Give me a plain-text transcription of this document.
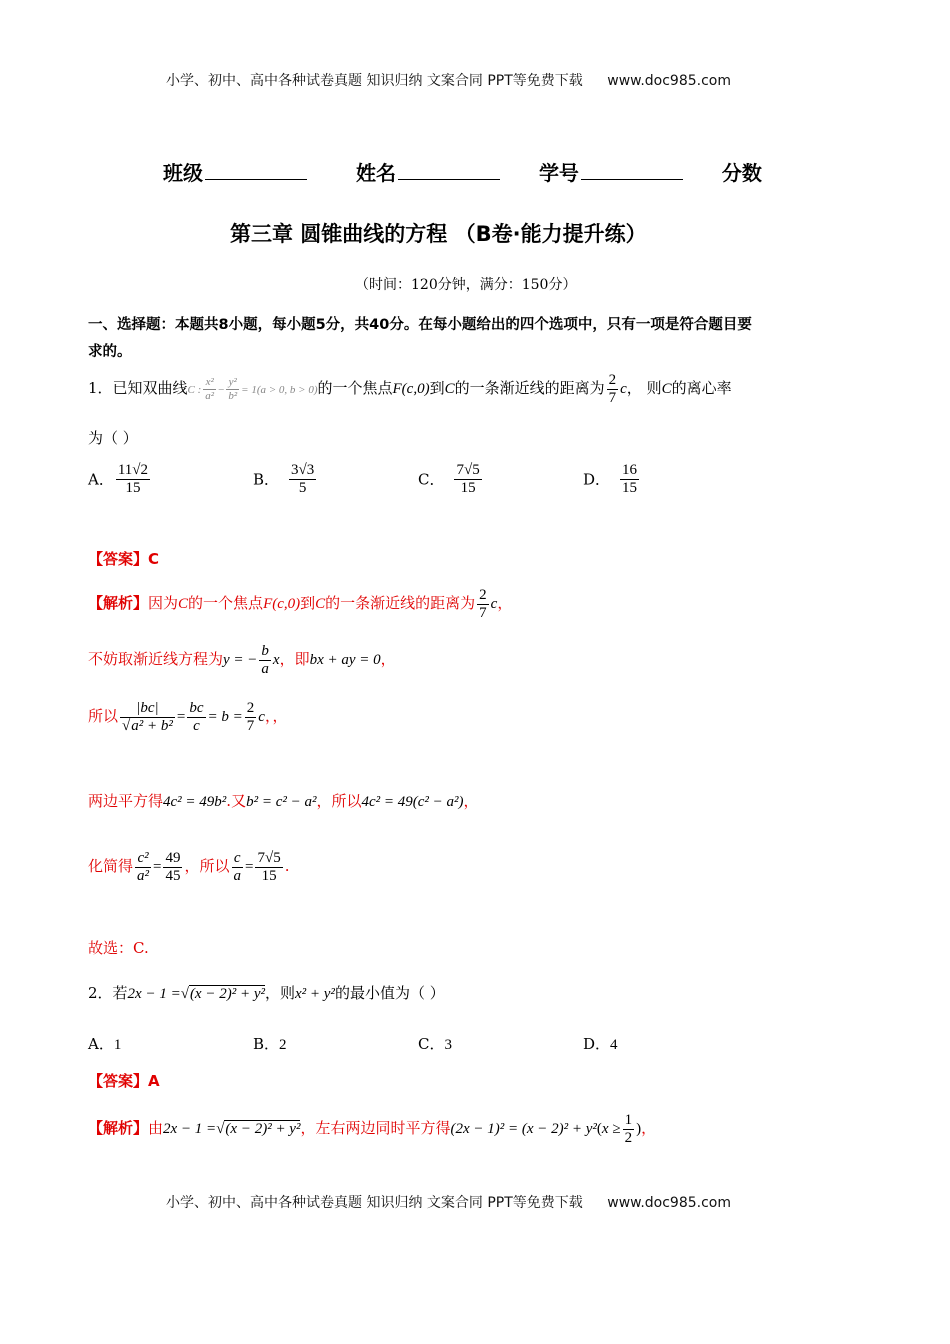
小学、初中、高中各种试卷真题 知识归纳 文案合同 PPT等免费下载 www.doc985.com
班级	姓名	学号	分数
第三章 圆锥曲线的方程 （B卷·能力提升练）
（时间：120分钟，满分：150分）
一、选择题：本题共8小题，每小题5分，共40分。在每小题给出的四个选项中，只有一项是符合题目要
求的。
1．已知双曲线C : $\frac{\text{x²}}{\text{a²}} - \frac{\text{y²}}{\text{b²}} = 1(a > 0$, b > 0)的一个焦点F(c,0)到C的一条渐近线的距离为 $\frac{2}{7}$ c， 则C的离心率
为（ ）
A． $\frac{11√2}{15}$	B． $\frac{3√3}{5}$	C． $\frac{7√5}{15}$	D． $\frac{16}{15}$
【答案】C
【解析】因为C的一个焦点F(c,0)到C的一条渐近线的距离为 $\frac{2}{7}$ c，
不妨取渐近线方程为y = − $\frac{b}{a}$ x，即bx + ay = 0，
所以 $\frac{|bc|}{\text{√a² + b²}} = \frac{bc}{c} = b = \frac{2}{7}$ c，，
两边平方得4c² = 49b².又b² = c² − a²，所以4c² = 49(c² − a²)，
化简得 $\frac{\text{c²}}{\text{a²}} = \frac{49}{45}$ ，所以 $\frac{c}{a} = \frac{7√5}{15}$ .
故选：C.
2．若2x − 1 =√(x − 2)² + y²，则x² + y²的最小值为（ ）
A．1	B．2	C．3	D．4
【答案】A
【解析】由2x − 1 =√(x − 2)² + y²，左右两边同时平方得$(2x - 1)^2 = (x - 2)^2 + y^2(x \ge \frac{1}{2}$ )，
小学、初中、高中各种试卷真题 知识归纳 文案合同 PPT等免费下载 www.doc985.com
